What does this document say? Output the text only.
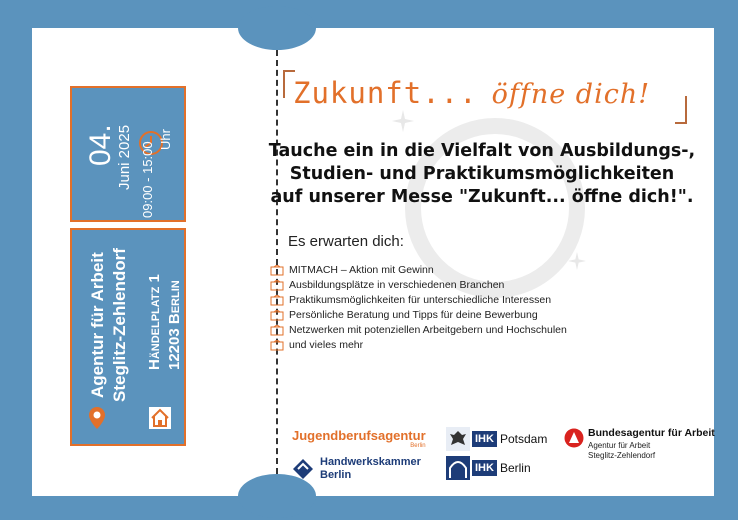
04. Juni 2025 09:00 - 15:00
Uhr
Agentur für Arbeit Steglitz-Zehlendorf Händelplatz 1 12203 Berlin
Zukunft... öffne dich!
Tauche ein in die Vielfalt von Ausbildungs-,
Studien- und Praktikumsmöglichkeiten
auf unserer Messe "Zukunft... öffne dich!".
Es erwarten dich:
MITMACH – Aktion mit Gewinn
Ausbildungsplätze in verschiedenen Branchen
Praktikumsmöglichkeiten für unterschiedliche Interessen
Persönliche Beratung und Tipps für deine Bewerbung
Netzwerken mit potenziellen Arbeitgebern und Hochschulen
und vieles mehr
Jugendberufsagentur
Berlin
Handwerkskammer
Berlin
IHK Potsdam
IHK Berlin
Bundesagentur für Arbeit
Agentur für Arbeit
Steglitz-Zehlendorf
